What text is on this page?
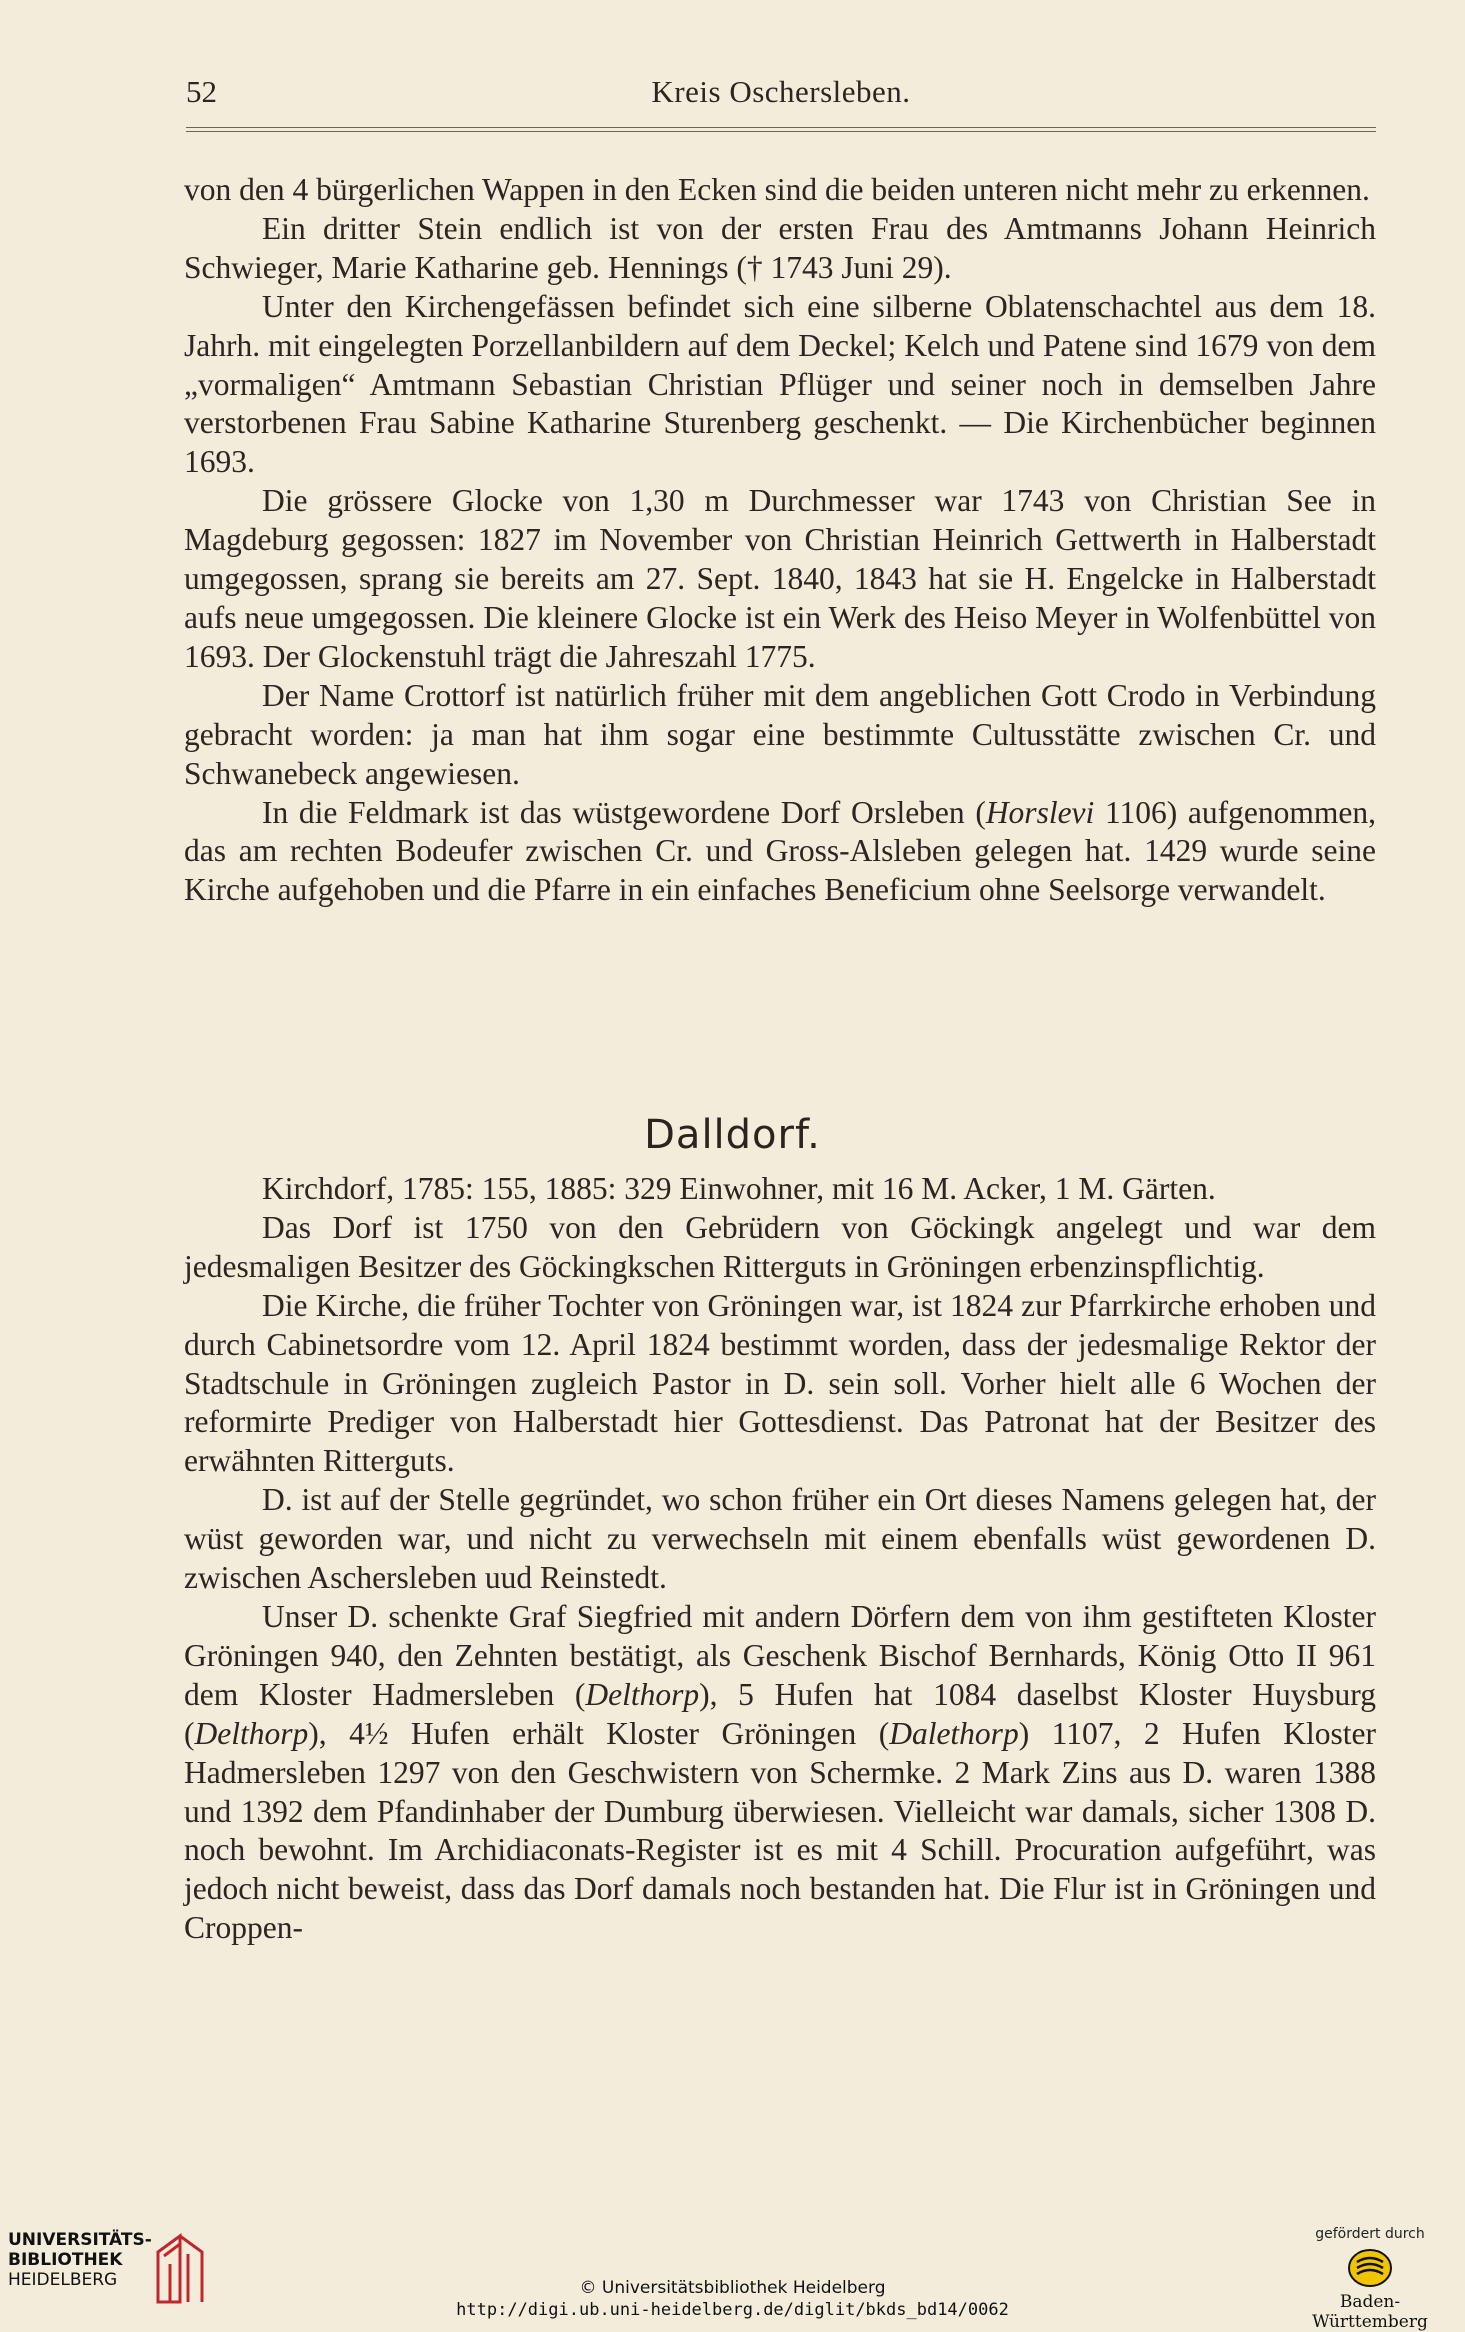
52	Kreis Oschersleben.

von den 4 bürgerlichen Wappen in den Ecken sind die beiden unteren nicht mehr zu erkennen.

Ein dritter Stein endlich ist von der ersten Frau des Amtmanns Johann Heinrich Schwieger, Marie Katharine geb. Hennings († 1743 Juni 29).

Unter den Kirchengefässen befindet sich eine silberne Oblatenschachtel aus dem 18. Jahrh. mit eingelegten Porzellanbildern auf dem Deckel; Kelch und Patene sind 1679 von dem „vormaligen“ Amtmann Sebastian Christian Pflüger und seiner noch in demselben Jahre verstorbenen Frau Sabine Katharine Sturenberg geschenkt. — Die Kirchenbücher beginnen 1693.

Die grössere Glocke von 1,30 m Durchmesser war 1743 von Christian See in Magdeburg gegossen: 1827 im November von Christian Heinrich Gettwerth in Halberstadt umgegossen, sprang sie bereits am 27. Sept. 1840, 1843 hat sie H. Engelcke in Halberstadt aufs neue umgegossen. Die kleinere Glocke ist ein Werk des Heiso Meyer in Wolfenbüttel von 1693. Der Glockenstuhl trägt die Jahreszahl 1775.

Der Name Crottorf ist natürlich früher mit dem angeblichen Gott Crodo in Verbindung gebracht worden: ja man hat ihm sogar eine bestimmte Cultusstätte zwischen Cr. und Schwanebeck angewiesen.

In die Feldmark ist das wüstgewordene Dorf Orsleben (Horslevi 1106) aufgenommen, das am rechten Bodeufer zwischen Cr. und Gross-Alsleben gelegen hat. 1429 wurde seine Kirche aufgehoben und die Pfarre in ein einfaches Beneficium ohne Seelsorge verwandelt.

Dalldorf.

Kirchdorf, 1785: 155, 1885: 329 Einwohner, mit 16 M. Acker, 1 M. Gärten.

Das Dorf ist 1750 von den Gebrüdern von Göckingk angelegt und war dem jedesmaligen Besitzer des Göckingkschen Ritterguts in Gröningen erbenzinspflichtig.

Die Kirche, die früher Tochter von Gröningen war, ist 1824 zur Pfarrkirche erhoben und durch Cabinetsordre vom 12. April 1824 bestimmt worden, dass der jedesmalige Rektor der Stadtschule in Gröningen zugleich Pastor in D. sein soll. Vorher hielt alle 6 Wochen der reformirte Prediger von Halberstadt hier Gottesdienst. Das Patronat hat der Besitzer des erwähnten Ritterguts.

D. ist auf der Stelle gegründet, wo schon früher ein Ort dieses Namens gelegen hat, der wüst geworden war, und nicht zu verwechseln mit einem ebenfalls wüst gewordenen D. zwischen Aschersleben uud Reinstedt.

Unser D. schenkte Graf Siegfried mit andern Dörfern dem von ihm gestifteten Kloster Gröningen 940, den Zehnten bestätigt, als Geschenk Bischof Bernhards, König Otto II 961 dem Kloster Hadmersleben (Delthorp), 5 Hufen hat 1084 daselbst Kloster Huysburg (Delthorp), 4½ Hufen erhält Kloster Gröningen (Dalethorp) 1107, 2 Hufen Kloster Hadmersleben 1297 von den Geschwistern von Schermke. 2 Mark Zins aus D. waren 1388 und 1392 dem Pfandinhaber der Dumburg überwiesen. Vielleicht war damals, sicher 1308 D. noch bewohnt. Im Archidiaconats-Register ist es mit 4 Schill. Procuration aufgeführt, was jedoch nicht beweist, dass das Dorf damals noch bestanden hat. Die Flur ist in Gröningen und Croppen-

UNIVERSITÄTS-
BIBLIOTHEK
HEIDELBERG	© Universitätsbibliothek Heidelberg
http://digi.ub.uni-heidelberg.de/diglit/bkds_bd14/0062
gefördert durch
Baden-Württemberg
